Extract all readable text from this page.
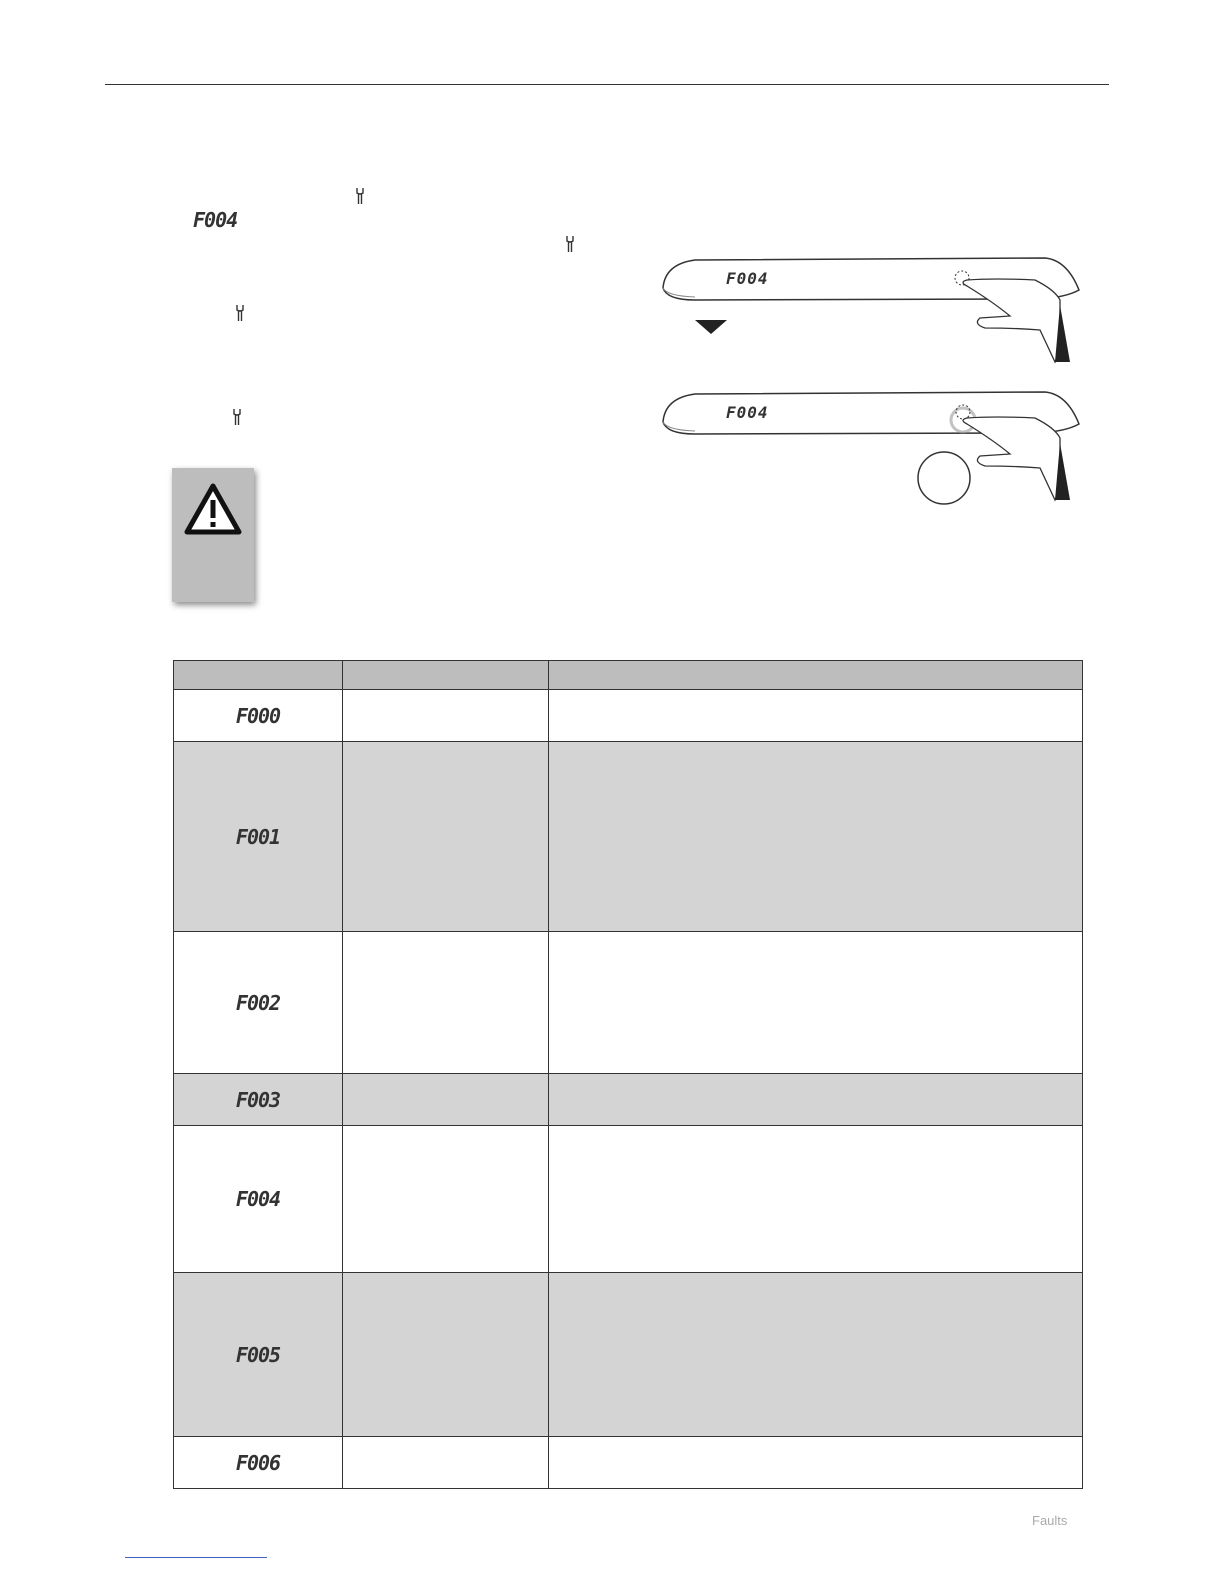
F004
F004
F004

F000		
F001		
F002		
F003		
F004		
F005		
F006		
Faults
